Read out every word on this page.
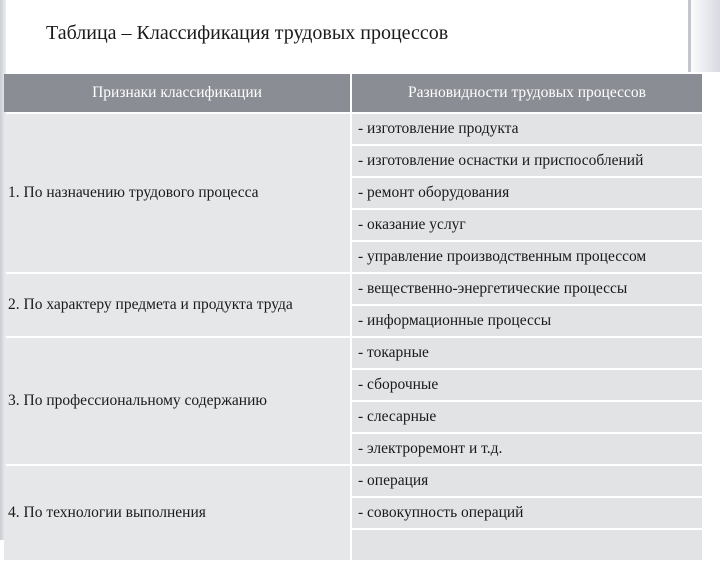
Таблица – Классификация трудовых процессов
Признаки классификации	Разновидности трудовых процессов
1. По назначению трудового процесса	- изготовление продукта
	- изготовление оснастки и приспособлений
	- ремонт оборудования
	- оказание услуг
	- управление производственным процессом
2. По характеру предмета и продукта труда	- вещественно-энергетические процессы
	- информационные процессы
3. По профессиональному содержанию	- токарные
	- сборочные
	- слесарные
	- электроремонт и т.д.
4. По технологии выполнения	- операция
	- совокупность операций
